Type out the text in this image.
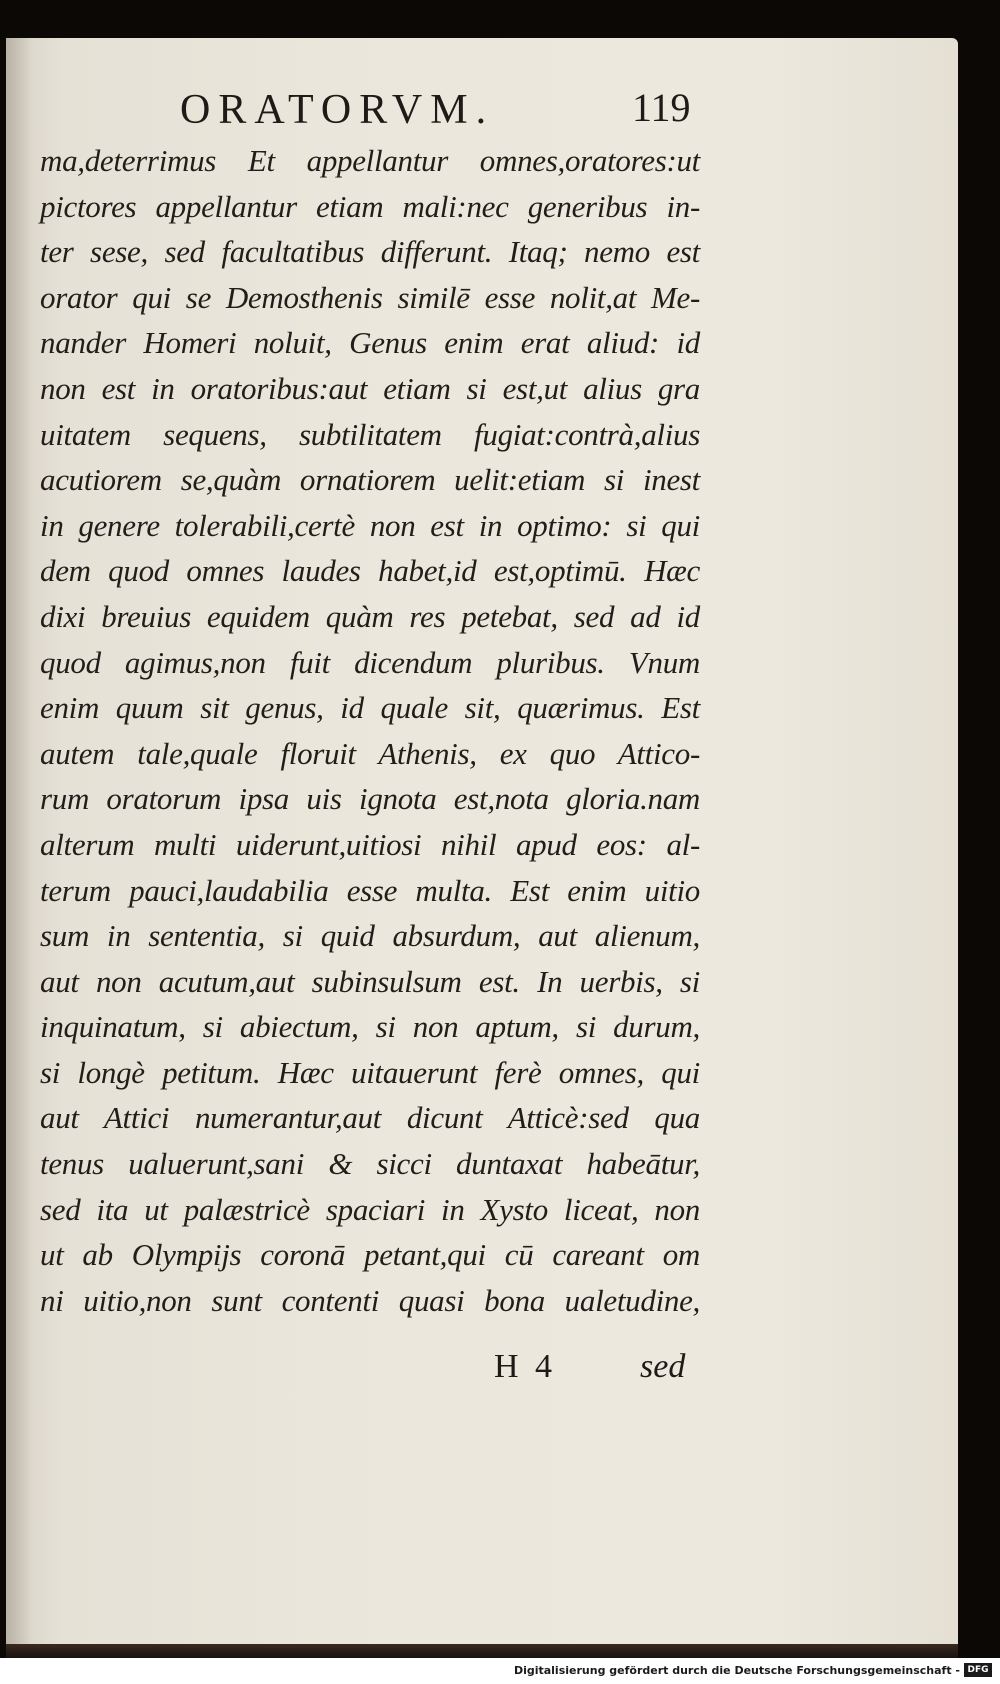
ORATORVM.	119
ma,deterrimus Et appellantur omnes,oratores:ut
pictores appellantur etiam mali:nec generibus in-
ter sese, sed facultatibus differunt. Itaq; nemo est
orator qui se Demosthenis similē esse nolit,at Me-
nander Homeri noluit, Genus enim erat aliud: id
non est in oratoribus:aut etiam si est,ut alius gra
uitatem sequens, subtilitatem fugiat:contrà,alius
acutiorem se,quàm ornatiorem uelit:etiam si inest
in genere tolerabili,certè non est in optimo: si qui
dem quod omnes laudes habet,id est,optimū. Hæc
dixi breuius equidem quàm res petebat, sed ad id
quod agimus,non fuit dicendum pluribus. Vnum
enim quum sit genus, id quale sit, quærimus. Est
autem tale,quale floruit Athenis, ex quo Attico-
rum oratorum ipsa uis ignota est,nota gloria.nam
alterum multi uiderunt,uitiosi nihil apud eos: al-
terum pauci,laudabilia esse multa. Est enim uitio
sum in sententia, si quid absurdum, aut alienum,
aut non acutum,aut subinsulsum est. In uerbis, si
inquinatum, si abiectum, si non aptum, si durum,
si longè petitum. Hæc uitauerunt ferè omnes, qui
aut Attici numerantur,aut dicunt Atticè:sed qua
tenus ualuerunt,sani & sicci duntaxat habeātur,
sed ita ut palæstricè spaciari in Xysto liceat, non
ut ab Olympijs coronā petant,qui cū careant om
ni uitio,non sunt contenti quasi bona ualetudine,
H 4 sed
Digitalisierung gefördert durch die Deutsche Forschungsgemeinschaft - DFG
